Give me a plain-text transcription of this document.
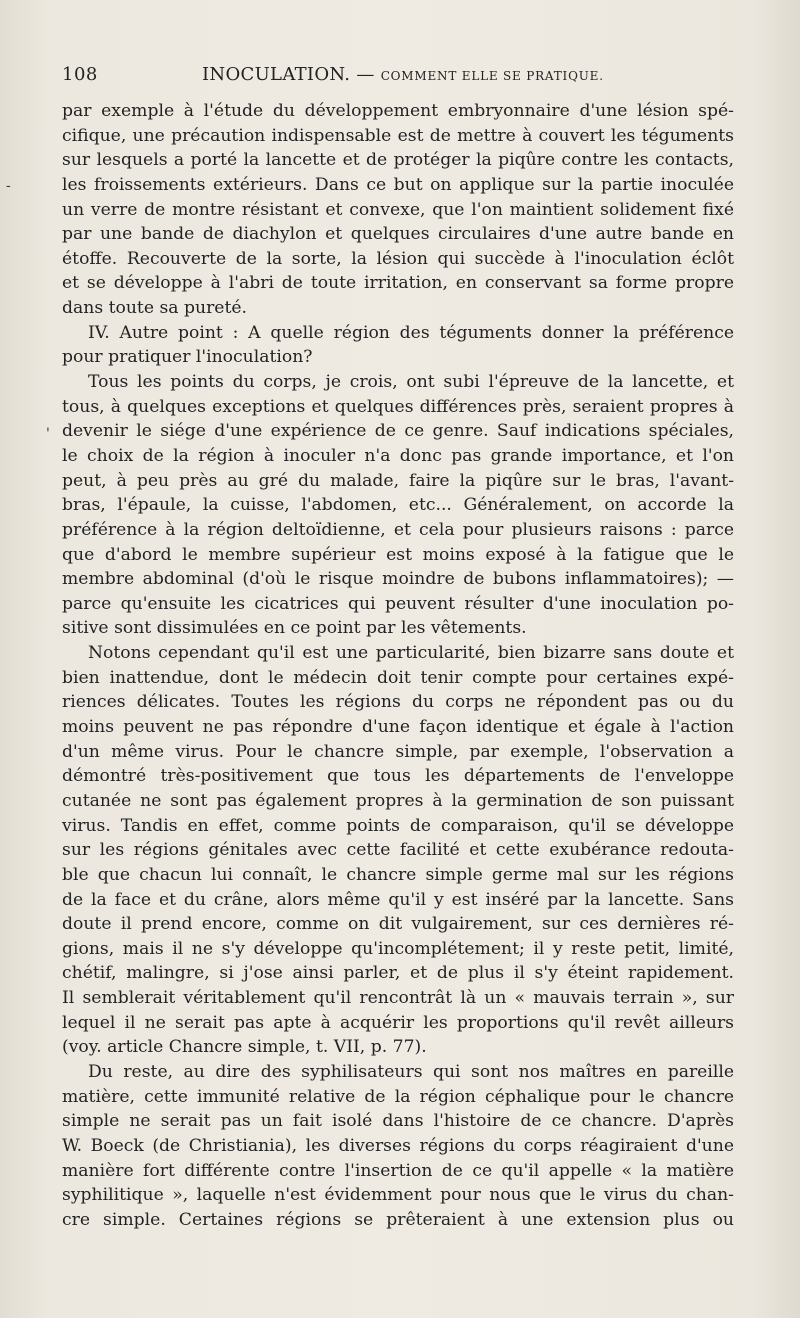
108	INOCULATION. — COMMENT ELLE SE PRATIQUE.
-
'
par exemple à l'étude du développement embryonnaire d'une lésion spé-
cifique, une précaution indispensable est de mettre à couvert les téguments
sur lesquels a porté la lancette et de protéger la piqûre contre les contacts,
les froissements extérieurs. Dans ce but on applique sur la partie inoculée
un verre de montre résistant et convexe, que l'on maintient solidement fixé
par une bande de diachylon et quelques circulaires d'une autre bande en
étoffe. Recouverte de la sorte, la lésion qui succède à l'inoculation éclôt
et se développe à l'abri de toute irritation, en conservant sa forme propre
dans toute sa pureté.
IV. Autre point : A quelle région des téguments donner la préférence
pour pratiquer l'inoculation?
Tous les points du corps, je crois, ont subi l'épreuve de la lancette, et
tous, à quelques exceptions et quelques différences près, seraient propres à
devenir le siége d'une expérience de ce genre. Sauf indications spéciales,
le choix de la région à inoculer n'a donc pas grande importance, et l'on
peut, à peu près au gré du malade, faire la piqûre sur le bras, l'avant-
bras, l'épaule, la cuisse, l'abdomen, etc... Généralement, on accorde la
préférence à la région deltoïdienne, et cela pour plusieurs raisons : parce
que d'abord le membre supérieur est moins exposé à la fatigue que le
membre abdominal (d'où le risque moindre de bubons inflammatoires); —
parce qu'ensuite les cicatrices qui peuvent résulter d'une inoculation po-
sitive sont dissimulées en ce point par les vêtements.
Notons cependant qu'il est une particularité, bien bizarre sans doute et
bien inattendue, dont le médecin doit tenir compte pour certaines expé-
riences délicates. Toutes les régions du corps ne répondent pas ou du
moins peuvent ne pas répondre d'une façon identique et égale à l'action
d'un même virus. Pour le chancre simple, par exemple, l'observation a
démontré très-positivement que tous les départements de l'enveloppe
cutanée ne sont pas également propres à la germination de son puissant
virus. Tandis en effet, comme points de comparaison, qu'il se développe
sur les régions génitales avec cette facilité et cette exubérance redouta-
ble que chacun lui connaît, le chancre simple germe mal sur les régions
de la face et du crâne, alors même qu'il y est inséré par la lancette. Sans
doute il prend encore, comme on dit vulgairement, sur ces dernières ré-
gions, mais il ne s'y développe qu'incomplétement; il y reste petit, limité,
chétif, malingre, si j'ose ainsi parler, et de plus il s'y éteint rapidement.
Il semblerait véritablement qu'il rencontrât là un « mauvais terrain », sur
lequel il ne serait pas apte à acquérir les proportions qu'il revêt ailleurs
(voy. article Chancre simple, t. VII, p. 77).
Du reste, au dire des syphilisateurs qui sont nos maîtres en pareille
matière, cette immunité relative de la région céphalique pour le chancre
simple ne serait pas un fait isolé dans l'histoire de ce chancre. D'après
W. Boeck (de Christiania), les diverses régions du corps réagiraient d'une
manière fort différente contre l'insertion de ce qu'il appelle « la matière
syphilitique », laquelle n'est évidemment pour nous que le virus du chan-
cre simple. Certaines régions se prêteraient à une extension plus ou
